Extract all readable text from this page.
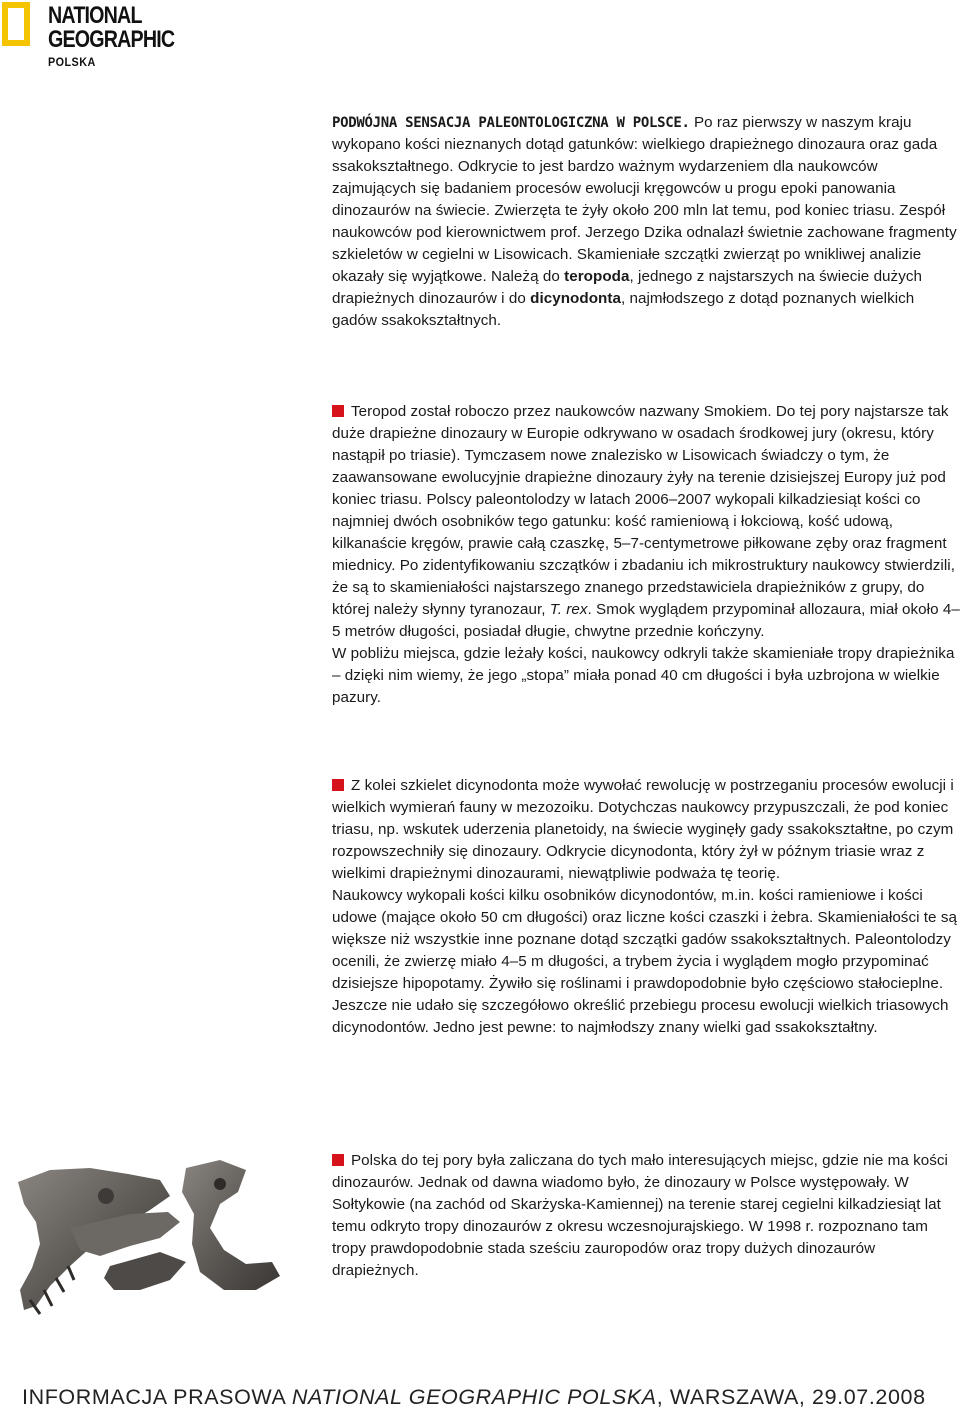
NATIONAL
GEOGRAPHIC
POLSKA

PODWÓJNA SENSACJA PALEONTOLOGICZNA W POLSCE. Po raz pierwszy w naszym kraju wykopano kości nieznanych dotąd gatunków: wielkiego drapieżnego dinozaura oraz gada ssakokształtnego. Odkrycie to jest bardzo ważnym wydarzeniem dla naukowców zajmujących się badaniem procesów ewolucji kręgowców u progu epoki panowania dinozaurów na świecie. Zwierzęta te żyły około 200 mln lat temu, pod koniec triasu. Zespół naukowców pod kierownictwem prof. Jerzego Dzika odnalazł świetnie zachowane fragmenty szkieletów w cegielni w Lisowicach. Skamieniałe szczątki zwierząt po wnikliwej analizie okazały się wyjątkowe. Należą do teropoda, jednego z najstarszych na świecie dużych drapieżnych dinozaurów i do dicynodonta, najmłodszego z dotąd poznanych wielkich gadów ssakokształtnych.

Teropod został roboczo przez naukowców nazwany Smokiem. Do tej pory najstarsze tak duże drapieżne dinozaury w Europie odkrywano w osadach środkowej jury (okresu, który nastąpił po triasie). Tymczasem nowe znalezisko w Lisowicach świadczy o tym, że zaawansowane ewolucyjnie drapieżne dinozaury żyły na terenie dzisiejszej Europy już pod koniec triasu. Polscy paleontolodzy w latach 2006–2007 wykopali kilkadziesiąt kości co najmniej dwóch osobników tego gatunku: kość ramieniową i łokciową, kość udową, kilkanaście kręgów, prawie całą czaszkę, 5–7-centymetrowe piłkowane zęby oraz fragment miednicy. Po zidentyfikowaniu szczątków i zbadaniu ich mikrostruktury naukowcy stwierdzili, że są to skamieniałości najstarszego znanego przedstawiciela drapieżników z grupy, do której należy słynny tyranozaur, T. rex. Smok wyglądem przypominał allozaura, miał około 4–5 metrów długości, posiadał długie, chwytne przednie kończyny.
W pobliżu miejsca, gdzie leżały kości, naukowcy odkryli także skamieniałe tropy drapieżnika – dzięki nim wiemy, że jego „stopa” miała ponad 40 cm długości i była uzbrojona w wielkie pazury.

Z kolei szkielet dicynodonta może wywołać rewolucję w postrzeganiu procesów ewolucji i wielkich wymierań fauny w mezozoiku. Dotychczas naukowcy przypuszczali, że pod koniec triasu, np. wskutek uderzenia planetoidy, na świecie wyginęły gady ssakokształtne, po czym rozpowszechniły się dinozaury. Odkrycie dicynodonta, który żył w późnym triasie wraz z wielkimi drapieżnymi dinozaurami, niewątpliwie podważa tę teorię.
Naukowcy wykopali kości kilku osobników dicynodontów, m.in. kości ramieniowe i kości udowe (mające około 50 cm długości) oraz liczne kości czaszki i żebra. Skamieniałości te są większe niż wszystkie inne poznane dotąd szczątki gadów ssakokształtnych. Paleontolodzy ocenili, że zwierzę miało 4–5 m długości, a trybem życia i wyglądem mogło przypominać dzisiejsze hipopotamy. Żywiło się roślinami i prawdopodobnie było częściowo stałocieplne. Jeszcze nie udało się szczegółowo określić przebiegu procesu ewolucji wielkich triasowych dicynodontów. Jedno jest pewne: to najmłodszy znany wielki gad ssakokształtny.

Polska do tej pory była zaliczana do tych mało interesujących miejsc, gdzie nie ma kości dinozaurów. Jednak od dawna wiadomo było, że dinozaury w Polsce występowały. W Sołtykowie (na zachód od Skarżyska-Kamiennej) na terenie starej cegielni kilkadziesiąt lat temu odkryto tropy dinozaurów z okresu wczesnojurajskiego. W 1998 r. rozpoznano tam tropy prawdopodobnie stada sześciu zauropodów oraz tropy dużych dinozaurów drapieżnych.

INFORMACJA PRASOWA NATIONAL GEOGRAPHIC POLSKA, WARSZAWA, 29.07.2008
